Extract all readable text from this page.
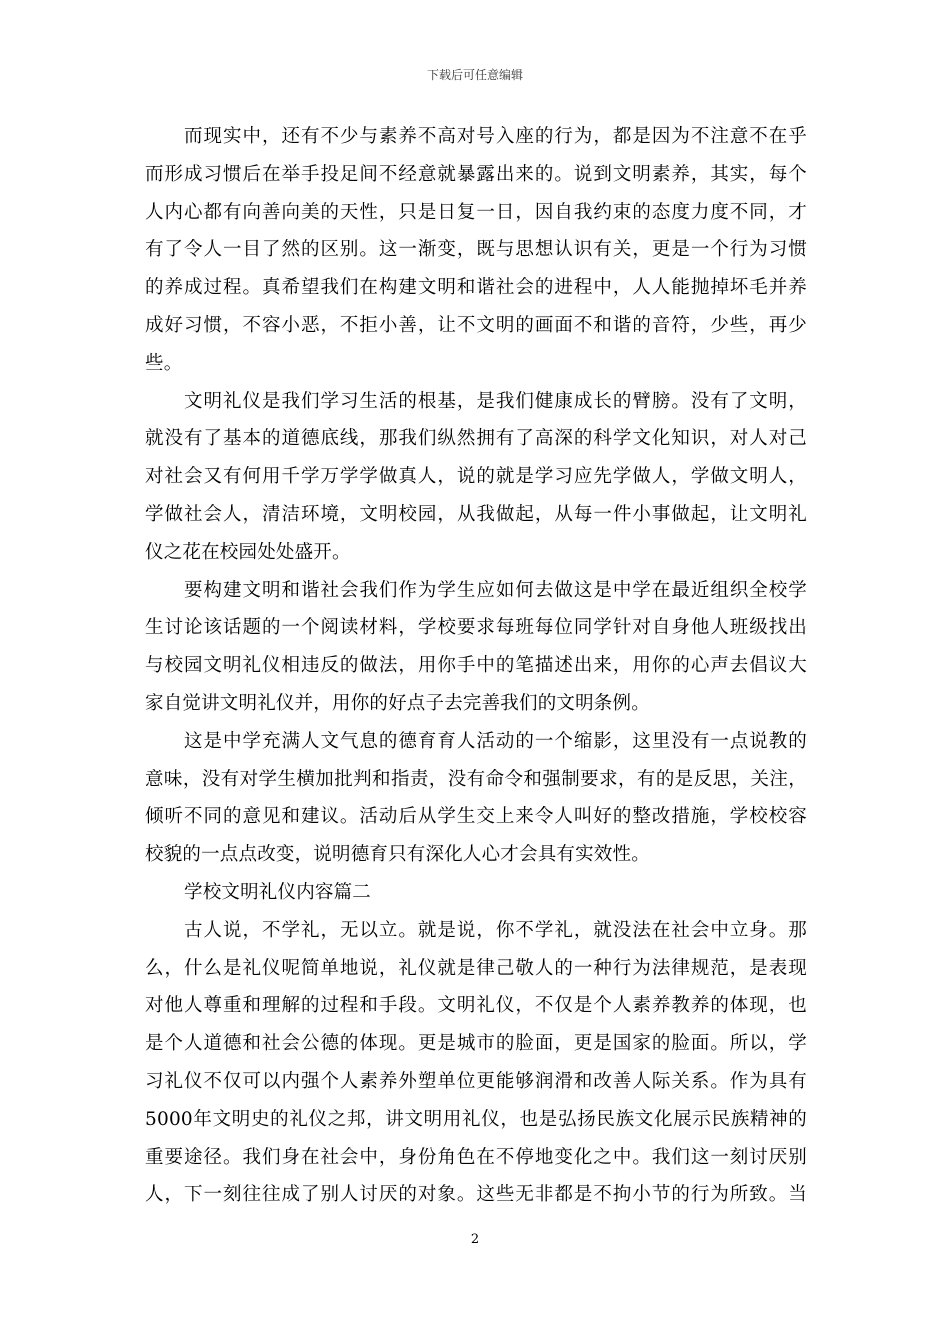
下载后可任意编辑
而现实中，还有不少与素养不高对号入座的行为，都是因为不注意不在乎
而形成习惯后在举手投足间不经意就暴露出来的。说到文明素养，其实，每个
人内心都有向善向美的天性，只是日复一日，因自我约束的态度力度不同，才
有了令人一目了然的区别。这一渐变，既与思想认识有关，更是一个行为习惯
的养成过程。真希望我们在构建文明和谐社会的进程中，人人能抛掉坏毛并养
成好习惯，不容小恶，不拒小善，让不文明的画面不和谐的音符，少些，再少
些。
文明礼仪是我们学习生活的根基，是我们健康成长的臂膀。没有了文明，
就没有了基本的道德底线，那我们纵然拥有了高深的科学文化知识，对人对己
对社会又有何用千学万学学做真人，说的就是学习应先学做人，学做文明人，
学做社会人，清洁环境，文明校园，从我做起，从每一件小事做起，让文明礼
仪之花在校园处处盛开。
要构建文明和谐社会我们作为学生应如何去做这是中学在最近组织全校学
生讨论该话题的一个阅读材料，学校要求每班每位同学针对自身他人班级找出
与校园文明礼仪相违反的做法，用你手中的笔描述出来，用你的心声去倡议大
家自觉讲文明礼仪并，用你的好点子去完善我们的文明条例。
这是中学充满人文气息的德育育人活动的一个缩影，这里没有一点说教的
意味，没有对学生横加批判和指责，没有命令和强制要求，有的是反思，关注，
倾听不同的意见和建议。活动后从学生交上来令人叫好的整改措施，学校校容
校貌的一点点改变，说明德育只有深化人心才会具有实效性。
学校文明礼仪内容篇二
古人说，不学礼，无以立。就是说，你不学礼，就没法在社会中立身。那
么，什么是礼仪呢简单地说，礼仪就是律己敬人的一种行为法律规范，是表现
对他人尊重和理解的过程和手段。文明礼仪，不仅是个人素养教养的体现，也
是个人道德和社会公德的体现。更是城市的脸面，更是国家的脸面。所以，学
习礼仪不仅可以内强个人素养外塑单位更能够润滑和改善人际关系。作为具有
5000年文明史的礼仪之邦，讲文明用礼仪，也是弘扬民族文化展示民族精神的
重要途径。我们身在社会中，身份角色在不停地变化之中。我们这一刻讨厌别
人，下一刻往往成了别人讨厌的对象。这些无非都是不拘小节的行为所致。当
2
